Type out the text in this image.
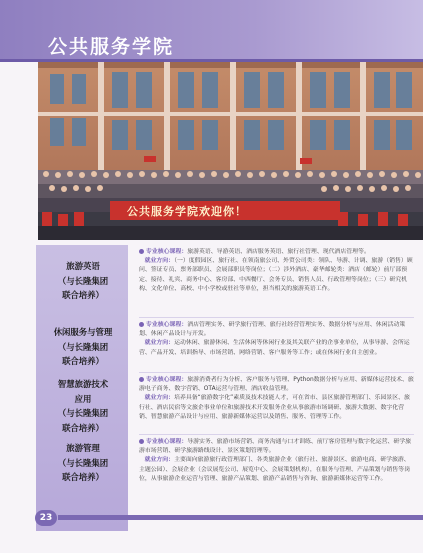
公共服务学院
公共服务学院欢迎你！
旅游英语
（与长隆集团
联合培养）

专业核心课程：旅游英语、导游英语、酒店服务英语、旅行社管理、现代酒店管理等。

就业方向：（一）度假园区、旅行社、在领南旅公司、外贸公司类：领队、导游、计调、旅游（销售）顾问、签证专员、票务部职员、会展部职员等岗位；（二）涉外酒店、豪华邮轮类：酒店（邮轮）前厅部预定、接待、礼宾、商务中心、客房部、中西餐厅、会务专员、销售人员、行政管理等岗位；（三）研究机构、文化单位、高校、中小学校或驻社等单位，担当相关的旅游英语工作。

休闲服务与管理
（与长隆集团
联合培养）

专业核心课程：酒店管理实务、研学旅行管理、旅行社经营管理实务、数据分析与应用、休闲活动策划、休闲产品设计与开发。

就业方向：运动休闲、旅游休闲、生活休闲等休闲行业及其关联产业的企事业单位，从事导游、会所运营、产品开发、培训指导、市场营销、网络营销、客户服务等工作；或在休闲行业自主创业。

智慧旅游技术
应用
（与长隆集团
联合培养）

专业核心课程：旅游消费者行为分析、客户服务与管理、Python数据分析与应用、新媒体运营技术、旅游电子商务、数字营销、OTA运营与管理、酒店收益管理。

就业方向：培养具备“旅游数字化”素质及技术技能人才，可在省市、县区旅游管理部门、乐园景区、旅行社、酒店民宿等文旅企事业单位和旅游技术开发服务企业从事旅游市场调研、旅游大数据、数字化营销、智慧旅游产品设计与应用、旅游新媒体运营以及销售、服务、管理等工作。

旅游管理
（与长隆集团
联合培养）

专业核心课程：导游实务、旅游市场营销、商务沟通与口才训练、前厅客房管理与数字化运营、研学旅游市场营销、研学旅游路线设计、景区策划管理等。

就业方向：主要面向旅游旅行政管理部门、各类旅游企业（旅行社、旅游景区、旅游电商、研学旅游、主题公园）、会展企业（会议展览公司、展览中心、会展策划机构），在服务与管理、产品策划与销售等岗位，从事旅游企业运营与管理、旅游产品策划、旅游产品销售与咨询、旅游新媒体运营等工作。

23
